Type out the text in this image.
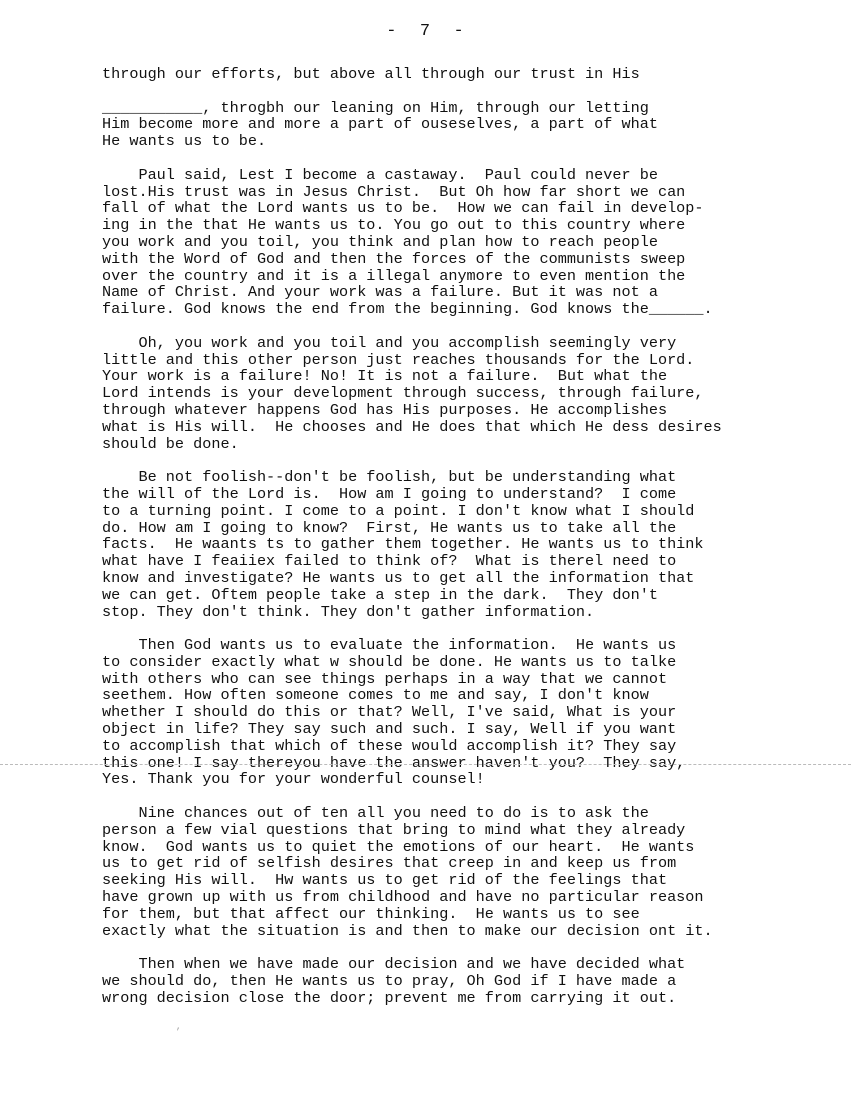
- 7 -
through our efforts, but above all through our trust in His
___________, throgbh our leaning on Him, through our letting
Him become more and more a part of ouseselves, a part of what
He wants us to be.
Paul said, Lest I become a castaway.  Paul could never be
lost.His trust was in Jesus Christ.  But Oh how far short we can
fall of what the Lord wants us to be.  How we can fail in develop-
ing in the that He wants us to. You go out to this country where
you work and you toil, you think and plan how to reach people
with the Word of God and then the forces of the communists sweep
over the country and it is a illegal anymore to even mention the
Name of Christ. And your work was a failure. But it was not a
failure. God knows the end from the beginning. God knows the______.
Oh, you work and you toil and you accomplish seemingly very
little and this other person just reaches thousands for the Lord.
Your work is a failure! No! It is not a failure.  But what the
Lord intends is your development through success, through failure,
through whatever happens God has His purposes. He accomplishes
what is His will.  He chooses and He does that which He dess desires
should be done.
Be not foolish--don't be foolish, but be understanding what
the will of the Lord is.  How am I going to understand?  I come
to a turning point. I come to a point. I don't know what I should
do. How am I going to know?  First, He wants us to take all the
facts.  He waants ts to gather them together. He wants us to think
what have I feaiiex failed to think of?  What is therel need to
know and investigate? He wants us to get all the information that
we can get. Oftem people take a step in the dark.  They don't
stop. They don't think. They don't gather information.
Then God wants us to evaluate the information.  He wants us
to consider exactly what w should be done. He wants us to talke
with others who can see things perhaps in a way that we cannot
seethem. How often someone comes to me and say, I don't know
whether I should do this or that? Well, I've said, What is your
object in life? They say such and such. I say, Well if you want
to accomplish that which of these would accomplish it? They say
this one! I say thereyou have the answer haven't you?  They say,
Yes. Thank you for your wonderful counsel!
Nine chances out of ten all you need to do is to ask the
person a few vial questions that bring to mind what they already
know.  God wants us to quiet the emotions of our heart.  He wants
us to get rid of selfish desires that creep in and keep us from
seeking His will.  Hw wants us to get rid of the feelings that
have grown up with us from childhood and have no particular reason
for them, but that affect our thinking.  He wants us to see
exactly what the situation is and then to make our decision ont it.
Then when we have made our decision and we have decided what
we should do, then He wants us to pray, Oh God if I have made a
wrong decision close the door; prevent me from carrying it out.
,
